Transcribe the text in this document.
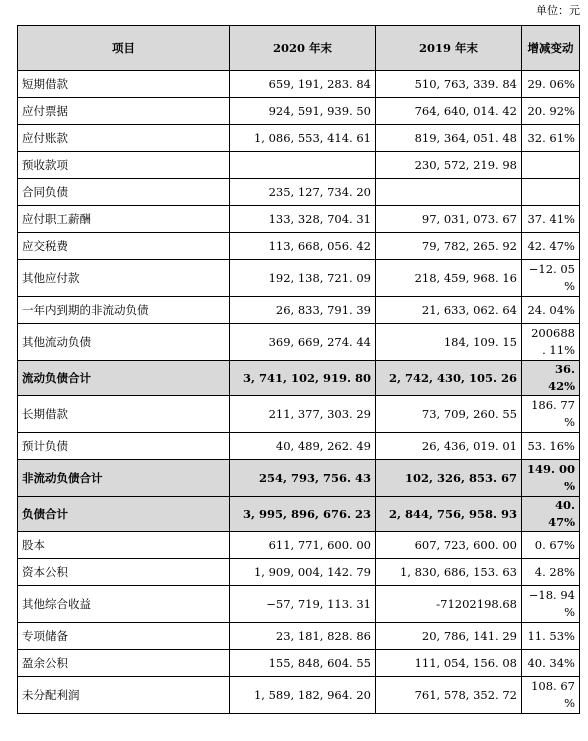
单位：元
项目	2020 年末	2019 年末	增减变动
短期借款	659, 191, 283. 84	510, 763, 339. 84	29. 06%
应付票据	924, 591, 939. 50	764, 640, 014. 42	20. 92%
应付账款	1, 086, 553, 414. 61	819, 364, 051. 48	32. 61%
预收款项		230, 572, 219. 98	
合同负债	235, 127, 734. 20		
应付职工薪酬	133, 328, 704. 31	97, 031, 073. 67	37. 41%
应交税费	113, 668, 056. 42	79, 782, 265. 92	42. 47%
其他应付款	192, 138, 721. 09	218, 459, 968. 16	−12. 05
%

一年内到期的非流动负债	26, 833, 791. 39	21, 633, 062. 64	24. 04%
其他流动负债	369, 669, 274. 44	184, 109. 15	200688
. 11%

流动负债合计	3, 741, 102, 919. 80	2, 742, 430, 105. 26	36. 42%
长期借款	211, 377, 303. 29	73, 709, 260. 55	186. 77
%

预计负债	40, 489, 262. 49	26, 436, 019. 01	53. 16%
非流动负债合计	254, 793, 756. 43	102, 326, 853. 67	149. 00
%

负债合计	3, 995, 896, 676. 23	2, 844, 756, 958. 93	40. 47%
股本	611, 771, 600. 00	607, 723, 600. 00	0. 67%
资本公积	1, 909, 004, 142. 79	1, 830, 686, 153. 63	4. 28%
其他综合收益	−57, 719, 113. 31	-71202198.68	−18. 94
%

专项储备	23, 181, 828. 86	20, 786, 141. 29	11. 53%
盈余公积	155, 848, 604. 55	111, 054, 156. 08	40. 34%
未分配利润	1, 589, 182, 964. 20	761, 578, 352. 72	108. 67
%
